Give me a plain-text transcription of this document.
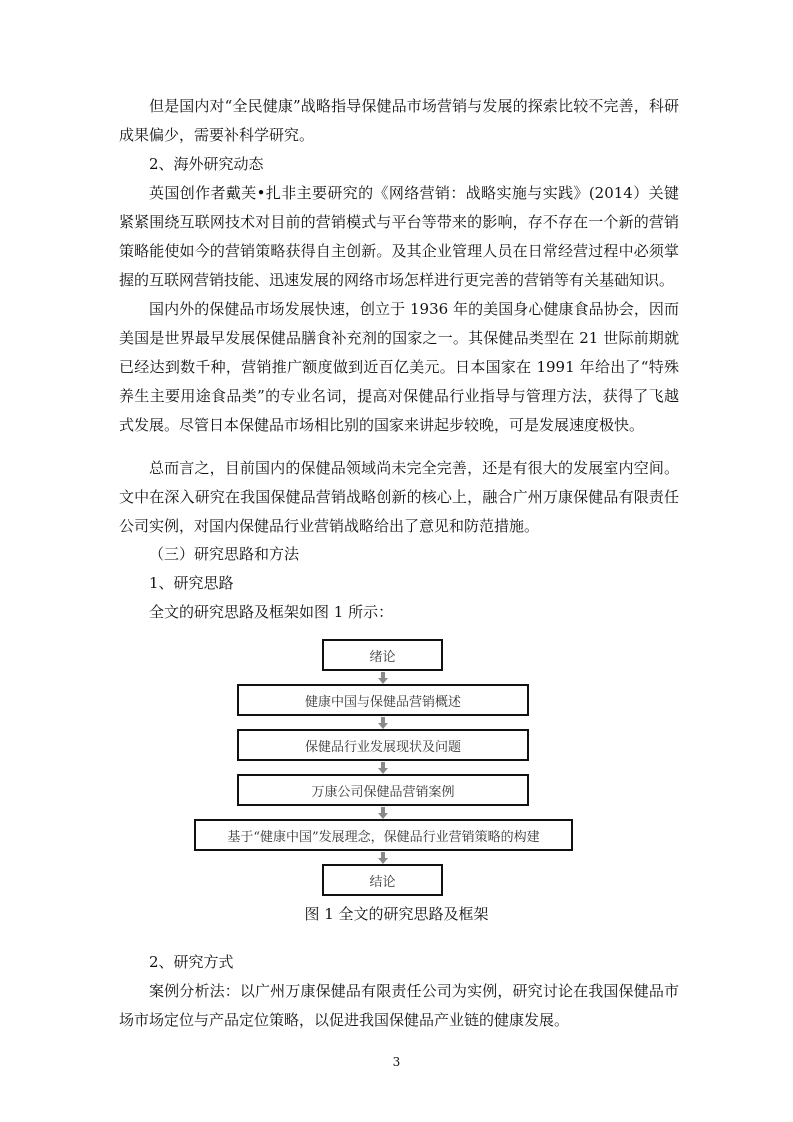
但是国内对“全民健康”战略指导保健品市场营销与发展的探索比较不完善，科研成果偏少，需要补科学研究。

2、海外研究动态

英国创作者戴芙•扎非主要研究的《网络营销：战略实施与实践》(2014）关键紧紧围绕互联网技术对目前的营销模式与平台等带来的影响，存不存在一个新的营销策略能使如今的营销策略获得自主创新。及其企业管理人员在日常经营过程中必须掌握的互联网营销技能、迅速发展的网络市场怎样进行更完善的营销等有关基础知识。

国内外的保健品市场发展快速，创立于 1936 年的美国身心健康食品协会，因而美国是世界最早发展保健品膳食补充剂的国家之一。其保健品类型在 21 世际前期就已经达到数千种，营销推广额度做到近百亿美元。日本国家在 1991 年给出了“特殊养生主要用途食品类”的专业名词，提高对保健品行业指导与管理方法，获得了飞越式发展。尽管日本保健品市场相比别的国家来讲起步较晚，可是发展速度极快。

总而言之，目前国内的保健品领域尚未完全完善，还是有很大的发展室内空间。文中在深入研究在我国保健品营销战略创新的核心上，融合广州万康保健品有限责任公司实例，对国内保健品行业营销战略给出了意见和防范措施。

（三）研究思路和方法
1、研究思路
全文的研究思路及框架如图 1 所示：
绪论
健康中国与保健品营销概述
保健品行业发展现状及问题
万康公司保健品营销案例
基于“健康中国”发展理念，保健品行业营销策略的构建
结论
图 1 全文的研究思路及框架
2、研究方式

案例分析法：以广州万康保健品有限责任公司为实例，研究讨论在我国保健品市场市场定位与产品定位策略，以促进我国保健品产业链的健康发展。

3
